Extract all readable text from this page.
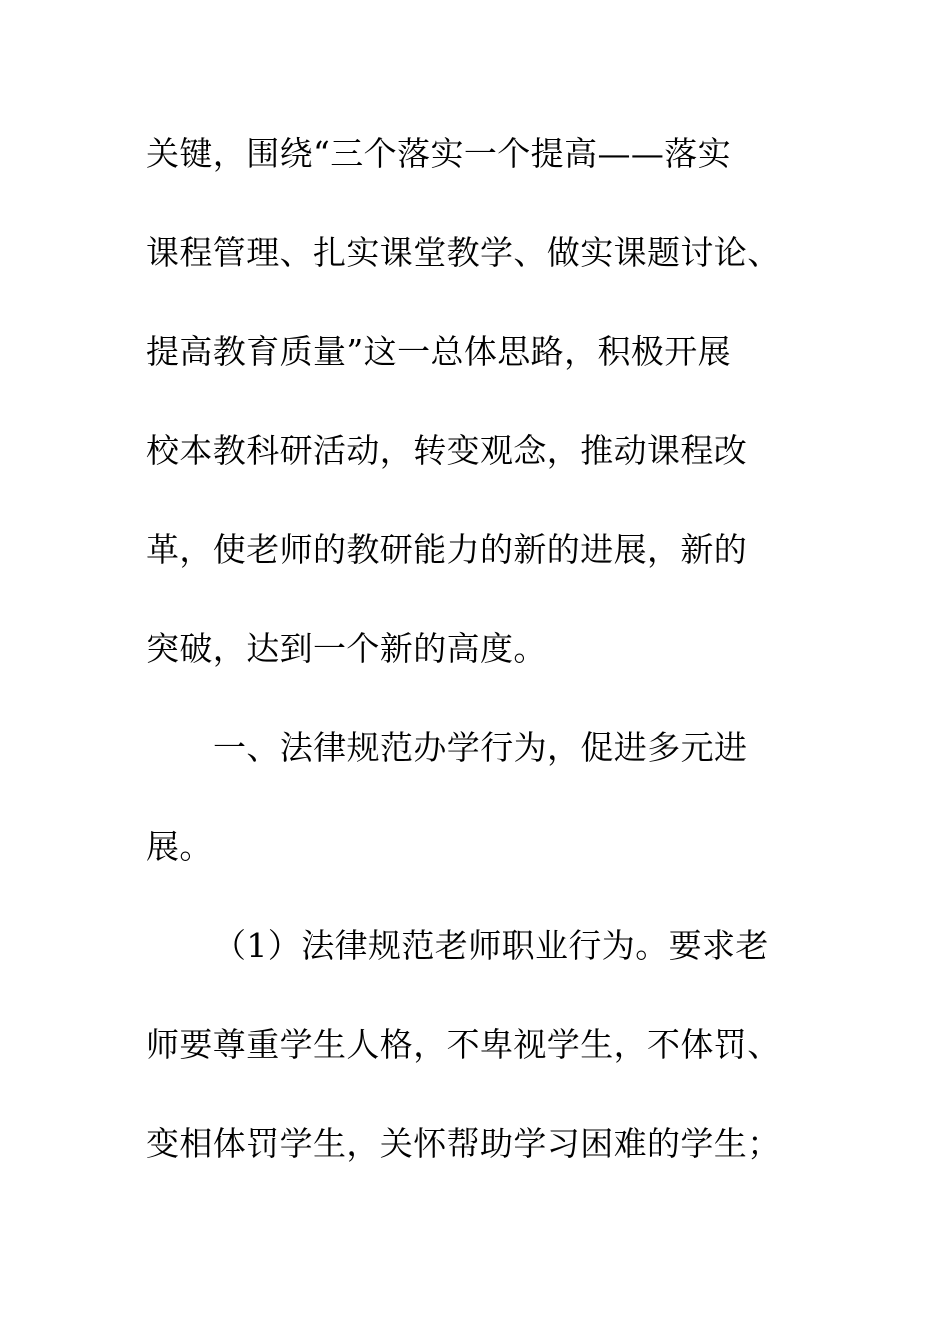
关键，围绕“三个落实一个提高——落实
课程管理、扎实课堂教学、做实课题讨论、
提高教育质量”这一总体思路，积极开展
校本教科研活动，转变观念，推动课程改
革，使老师的教研能力的新的进展，新的
突破，达到一个新的高度。
一、法律规范办学行为，促进多元进
展。
（1）法律规范老师职业行为。要求老
师要尊重学生人格，不卑视学生，不体罚、
变相体罚学生，关怀帮助学习困难的学生；
